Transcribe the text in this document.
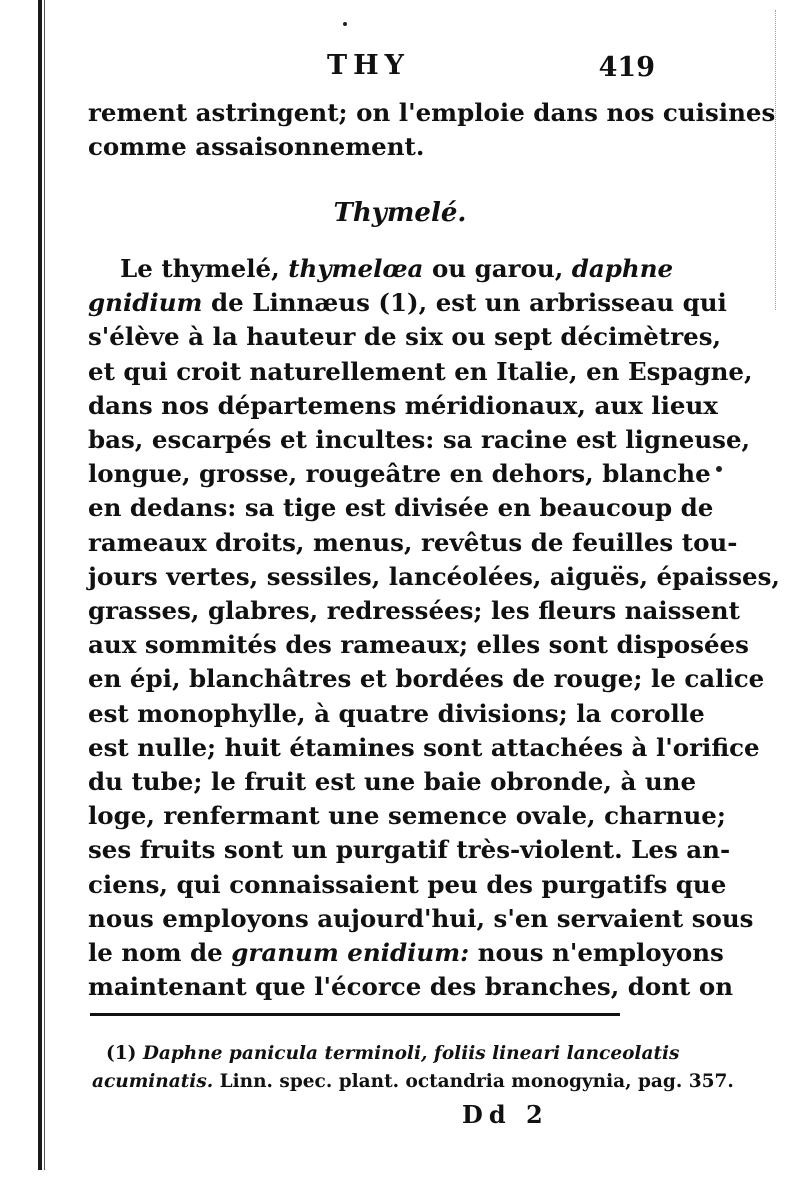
THY	419
rement astringent; on l'emploie dans nos cuisines
comme assaisonnement.
Thymelé.
Le thymelé, thymelœa ou garou, daphne
gnidium de Linnæus (1), est un arbrisseau qui
s'élève à la hauteur de six ou sept décimètres,
et qui croit naturellement en Italie, en Espagne,
dans nos départemens méridionaux, aux lieux
bas, escarpés et incultes: sa racine est ligneuse,
longue, grosse, rougeâtre en dehors, blanche
en dedans: sa tige est divisée en beaucoup de
rameaux droits, menus, revêtus de feuilles tou-
jours vertes, sessiles, lancéolées, aiguës, épaisses,
grasses, glabres, redressées; les fleurs naissent
aux sommités des rameaux; elles sont disposées
en épi, blanchâtres et bordées de rouge; le calice
est monophylle, à quatre divisions; la corolle
est nulle; huit étamines sont attachées à l'orifice
du tube; le fruit est une baie obronde, à une
loge, renfermant une semence ovale, charnue;
ses fruits sont un purgatif très-violent. Les an-
ciens, qui connaissaient peu des purgatifs que
nous employons aujourd'hui, s'en servaient sous
le nom de granum enidium: nous n'employons
maintenant que l'écorce des branches, dont on
(1) Daphne panicula terminoli, foliis lineari lanceolatis
acuminatis. Linn. spec. plant. octandria monogynia, pag. 357.
Dd 2
